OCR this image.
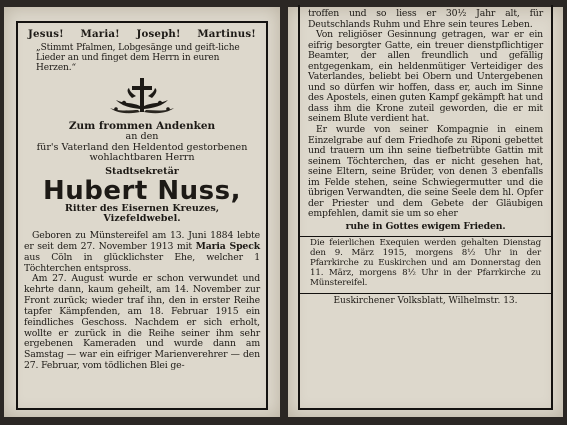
Jesus! Maria! Joseph! Martinus!
„Stimmt Pfalmen, Lobgesänge und geift-liche Lieder an und finget dem Herrn in euren Herzen.“
Zum frommen Andenken
an den
für's Vaterland den Heldentod gestorbenen
wohlachtbaren Herrn
Stadtsekretär
Hubert Nuss,
Ritter des Eisernen Kreuzes,
Vizefeldwebel.

Geboren zu Münstereifel am 13. Juni 1884 lebte er seit dem 27. November 1913 mit Maria Speck aus Cöln in glücklichster Ehe, welcher 1 Töchterchen entspross.

Am 27. August wurde er schon verwundet und kehrte dann, kaum geheilt, am 14. November zur Front zurück; wieder traf ihn, den in erster Reihe tapfer Kämpfenden, am 18. Februar 1915 ein feindliches Geschoss. Nachdem er sich erholt, wollte er zurück in die Reihe seiner ihm sehr ergebenen Kameraden und wurde dann am Samstag — war ein eifriger Marienverehrer — den 27. Februar, vom tödlichen Blei ge-

troffen und so liess er 30½ Jahr alt, für Deutschlands Ruhm und Ehre sein teures Leben.

Von religiöser Gesinnung getragen, war er ein eifrig besorgter Gatte, ein treuer dienstpflichtiger Beamter, der allen freundlich und gefällig entgegenkam, ein heldenmütiger Verteidiger des Vaterlandes, beliebt bei Obern und Untergebenen und so dürfen wir hoffen, dass er, auch im Sinne des Apostels, einen guten Kampf gekämpft hat und dass ihm die Krone zuteil geworden, die er mit seinem Blute verdient hat.

Er wurde von seiner Kompagnie in einem Einzelgrabe auf dem Friedhofe zu Riponi gebettet und trauern um ihn seine tiefbetrübte Gattin mit seinem Töchterchen, das er nicht gesehen hat, seine Eltern, seine Brüder, von denen 3 ebenfalls im Felde stehen, seine Schwiegermutter und die übrigen Verwandten, die seine Seele dem hl. Opfer der Priester und dem Gebete der Gläubigen empfehlen, damit sie um so eher

ruhe in Gottes ewigem Frieden.

Die feierlichen Exequien werden gehalten Dienstag den 9. März 1915, morgens 8½ Uhr in der Pfarrkirche zu Euskirchen und am Donnerstag den 11. März, morgens 8½ Uhr in der Pfarrkirche zu Münstereifel.
Euskirchener Volksblatt, Wilhelmstr. 13.
